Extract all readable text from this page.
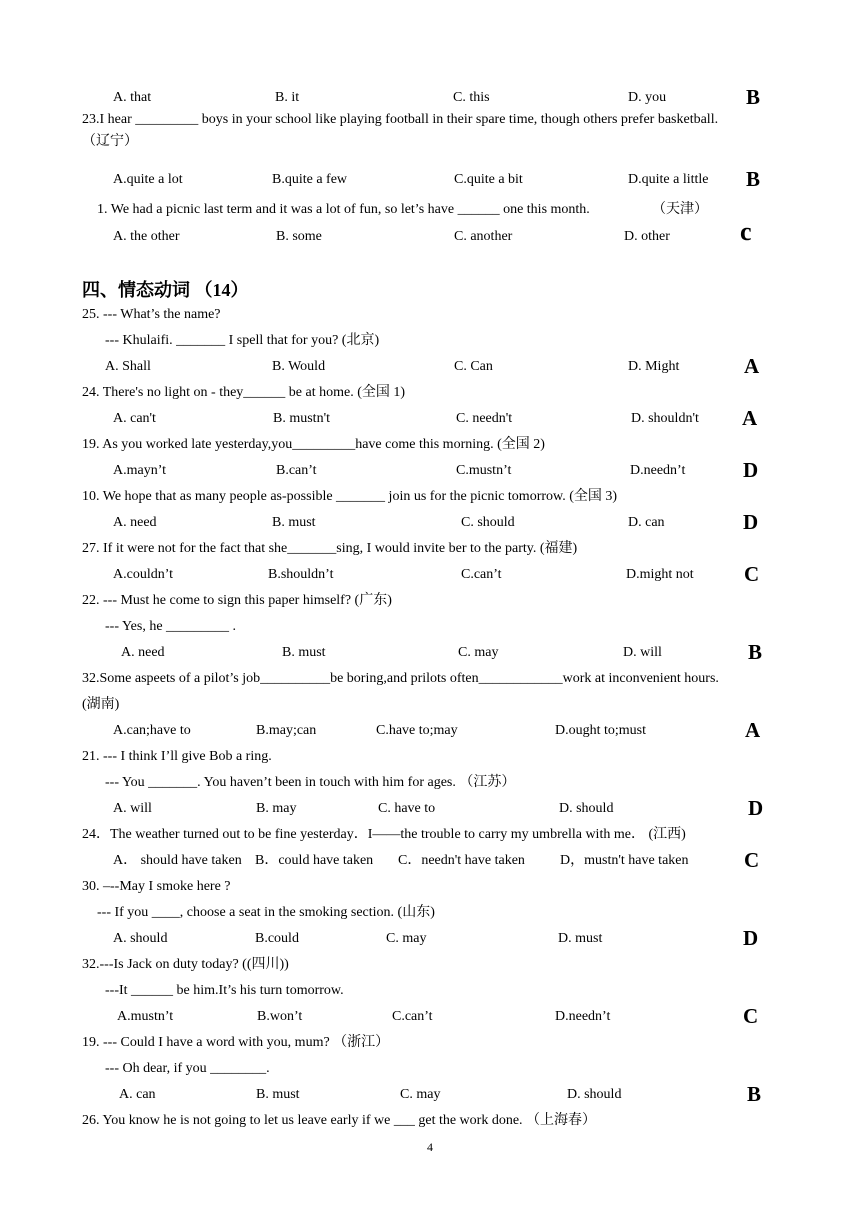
A. that	B. it	C. this	D. you	B
23.I hear _________ boys in your school like playing football in their spare time, though others prefer basketball.
（辽宁）
A.quite a lot	B.quite a few	C.quite a bit	D.quite a little B
1. We had a picnic last term and it was a lot of fun, so let’s have ______ one this month.	（天津）
A. the other	B. some	C. another	D. other	c
四、情态动词 （14）
25. --- What’s the name?
--- Khulaifi. _______ I spell that for you? (北京)
A. Shall	B. Would	C. Can	D. Might	A
24. There's no light on - they______ be at home. (全国 1)
A. can't	B. mustn't	C. needn't	D. shouldn't A
19. As you worked late yesterday,you_________have come this morning. (全国 2)
A.mayn’t	B.can’t	C.mustn’t	D.needn’t	D
10. We hope that as many people as-possible _______ join us for the picnic tomorrow. (全国 3)
A. need	B. must	C. should	D. can	D
27. If it were not for the fact that she_______sing, I would invite ber to the party. (福建)
A.couldn’t	B.shouldn’t	C.can’t	D.might not C
22. --- Must he come to sign this paper himself? (广东)
--- Yes, he _________ .
A. need	B. must	C. may	D. will	B
32.Some aspeets of a pilot’s job__________be boring,and prilots often____________work at inconvenient hours.
(湖南)
A.can;have to	B.may;can	C.have to;may	D.ought to;must	A
21. --- I think I’ll give Bob a ring.
--- You _______. You haven’t been in touch with him for ages. （江苏）
A. will	B. may	C. have to	D. should	D
24．The weather turned out to be fine yesterday．I——the trouble to carry my umbrella with me． (江西)
A． should have taken B．could have taken C．needn't have taken	D，mustn't have taken	C
30. –--May I smoke here ?
--- If you ____, choose a seat in the smoking section. (山东)
A. should	B.could	C. may	D. must	D
32.---Is Jack on duty today? ((四川))
---It ______ be him.It’s his turn tomorrow.
A.mustn’t	B.won’t	C.can’t	D.needn’t	C
19. --- Could I have a word with you, mum? （浙江）
--- Oh dear, if you ________.
A. can	B. must	C. may	D. should	B
26. You know he is not going to let us leave early if we ___ get the work done. （上海春）
4
